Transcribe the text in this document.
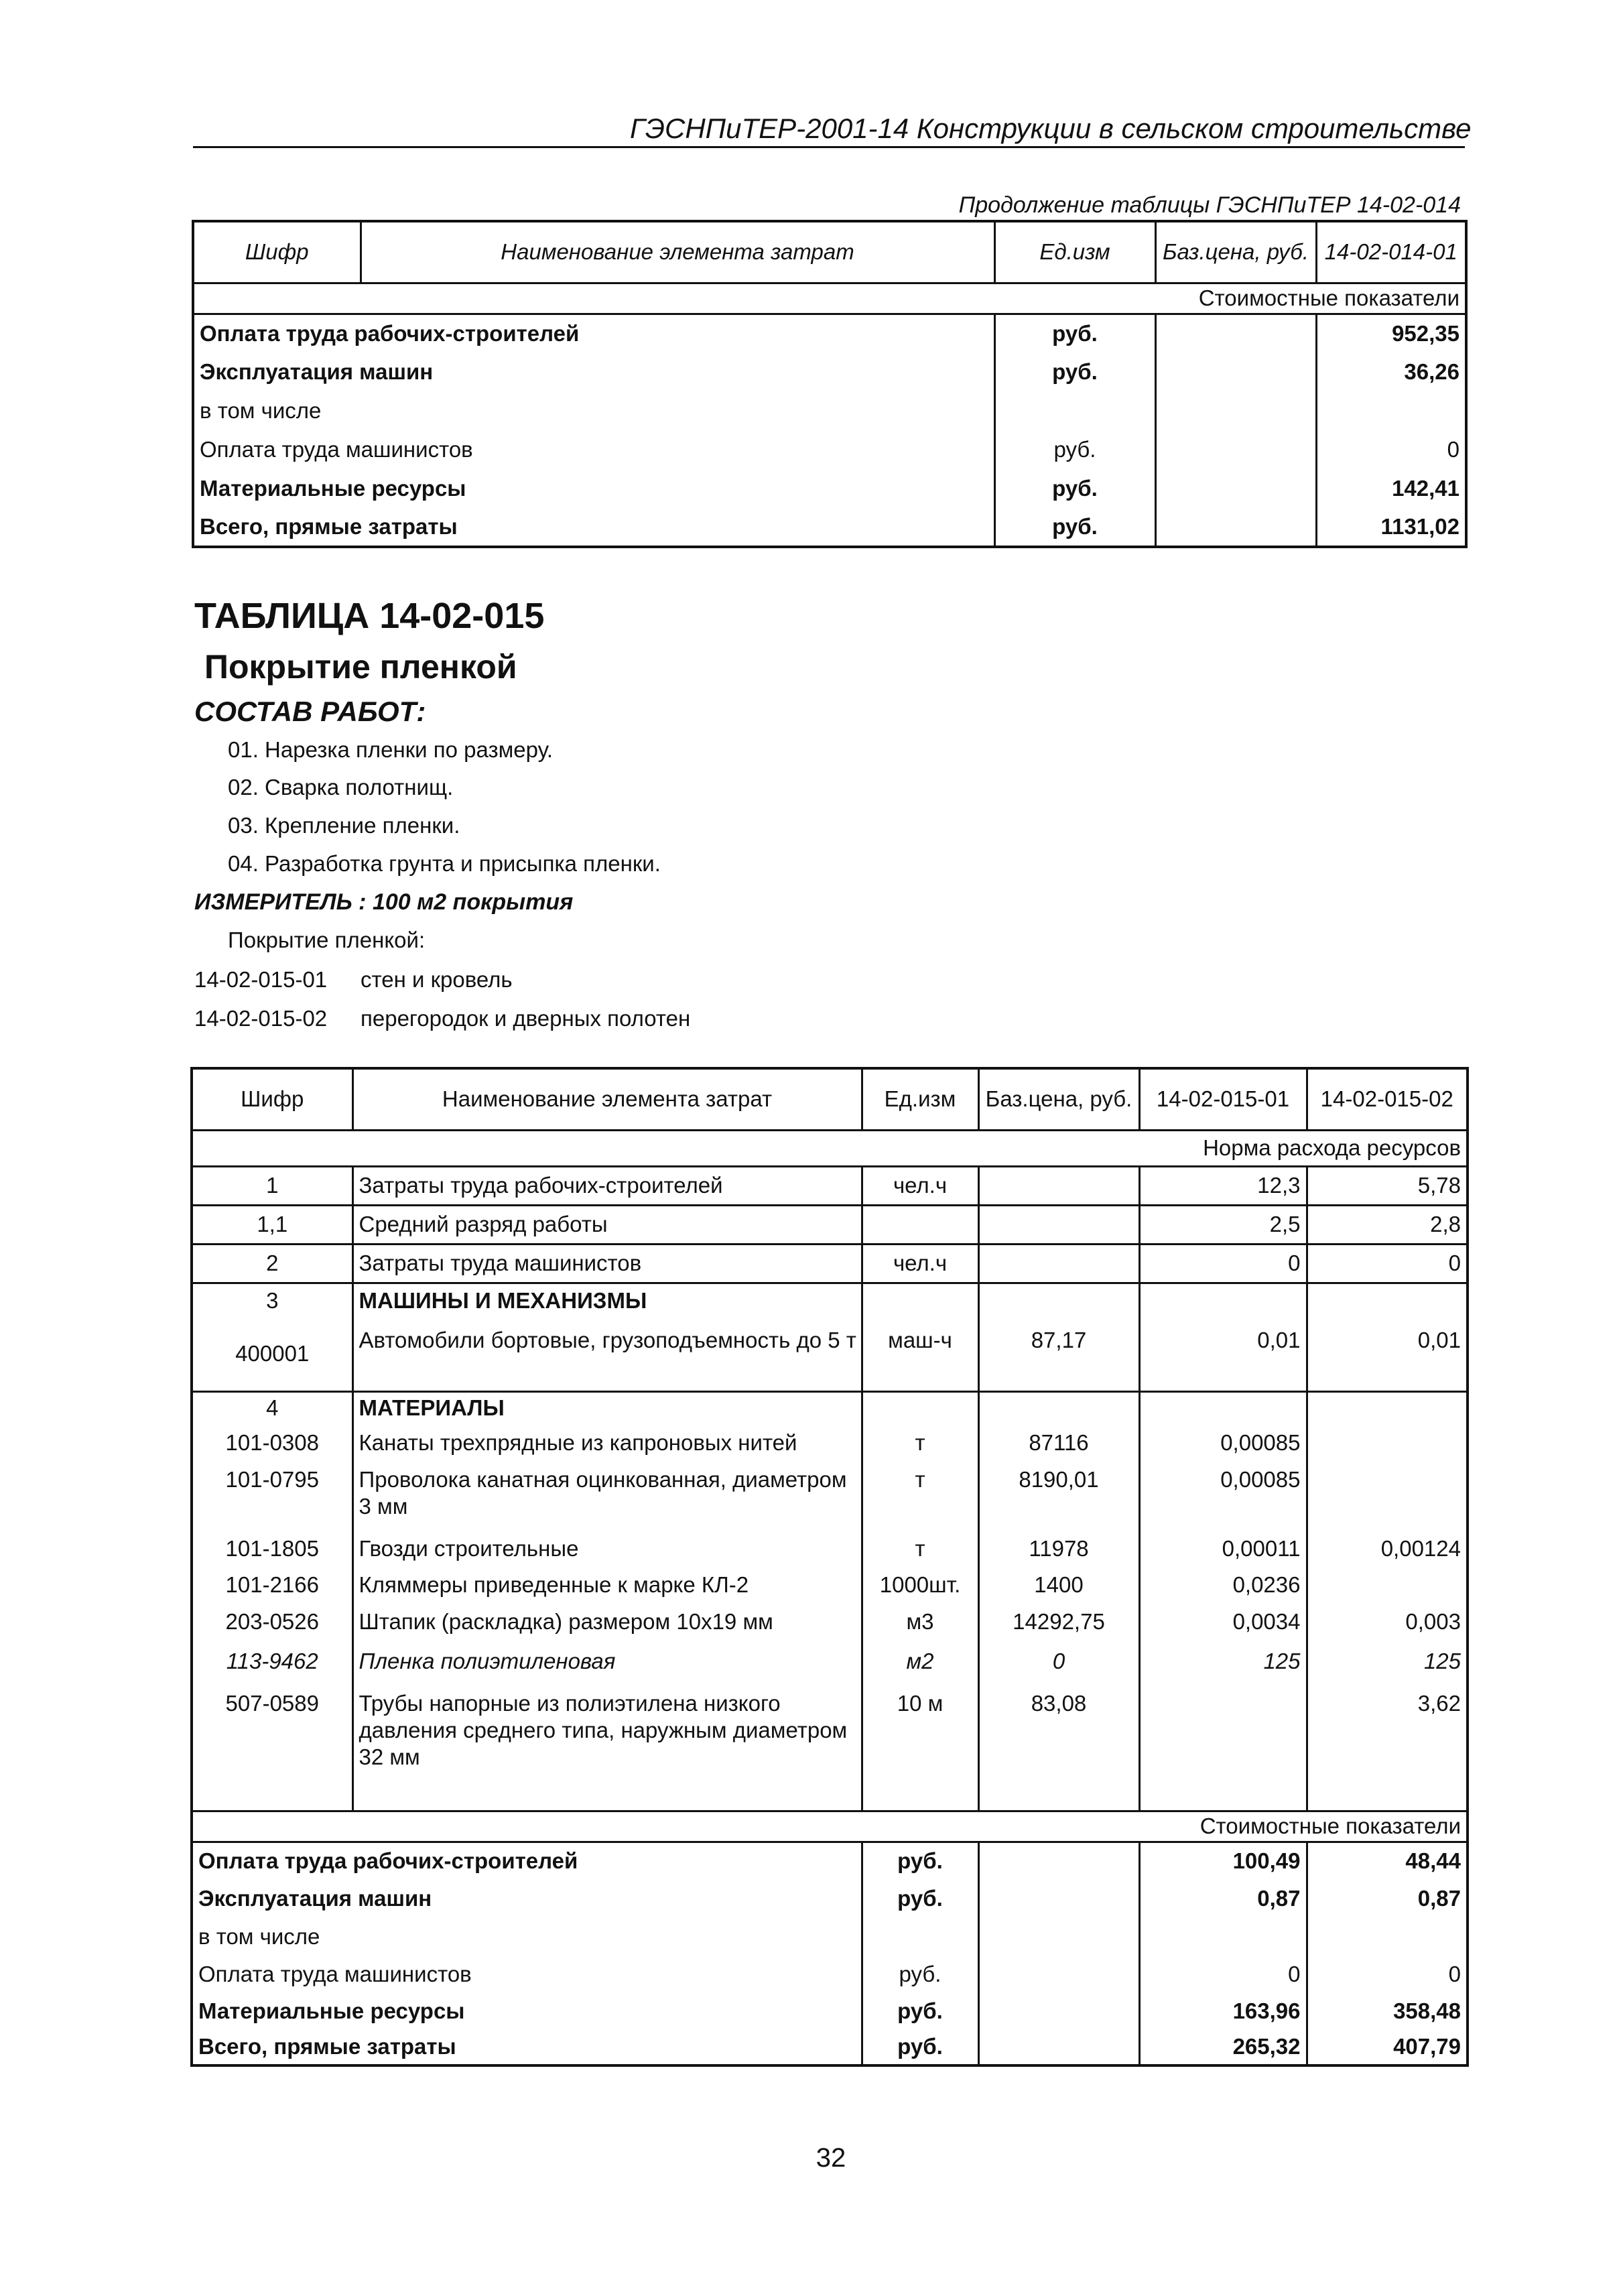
ГЭСНПиТЕР-2001-14 Конструкции в сельском строительстве
Продолжение таблицы ГЭСНПиТЕР 14-02-014
Шифр	Наименование элемента затрат	Ед.изм	Баз.цена, руб.	14-02-014-01
Стоимостные показатели				
Оплата труда рабочих-строителей		руб.		952,35
Эксплуатация машин		руб.		36,26
в том числе				
Оплата труда машинистов		руб.		0
Материальные ресурсы		руб.		142,41
Всего, прямые затраты		руб.		1131,02
ТАБЛИЦА 14-02-015
Покрытие пленкой
СОСТАВ РАБОТ:
01. Нарезка пленки по размеру.
02. Сварка полотнищ.
03. Крепление пленки.
04. Разработка грунта и присыпка пленки.
ИЗМЕРИТЕЛЬ : 100 м2 покрытия
Покрытие пленкой:
14-02-015-01 стен и кровель
14-02-015-02 перегородок и дверных полотен
Шифр	Наименование элемента затрат	Ед.изм	Баз.цена, руб.	14-02-015-01	14-02-015-02
Норма расхода ресурсов					
1	Затраты труда рабочих-строителей	чел.ч		12,3	5,78
1,1	Средний разряд работы			2,5	2,8
2	Затраты труда машинистов	чел.ч		0	0
3	МАШИНЫ И МЕХАНИЗМЫ				
400001	Автомобили бортовые, грузоподъемность до 5 т	маш-ч	87,17	0,01	0,01
4	МАТЕРИАЛЫ				
101-0308	Канаты трехпрядные из капроновых нитей	т	87116	0,00085	
101-0795	Проволока канатная оцинкованная, диаметром 3 мм	т	8190,01	0,00085	
101-1805	Гвозди строительные	т	11978	0,00011	0,00124
101-2166	Кляммеры приведенные к марке КЛ-2	1000шт.	1400	0,0236	
203-0526	Штапик (раскладка) размером 10х19 мм	м3	14292,75	0,0034	0,003
113-9462	Пленка полиэтиленовая	м2	0	125	125
507-0589	Трубы напорные из полиэтилена низкого давления среднего типа, наружным диаметром 32 мм	10 м	83,08		3,62
Стоимостные показатели					
Оплата труда рабочих-строителей		руб.		100,49	48,44
Эксплуатация машин		руб.		0,87	0,87
в том числе					
Оплата труда машинистов		руб.		0	0
Материальные ресурсы		руб.		163,96	358,48
Всего, прямые затраты		руб.		265,32	407,79
32
